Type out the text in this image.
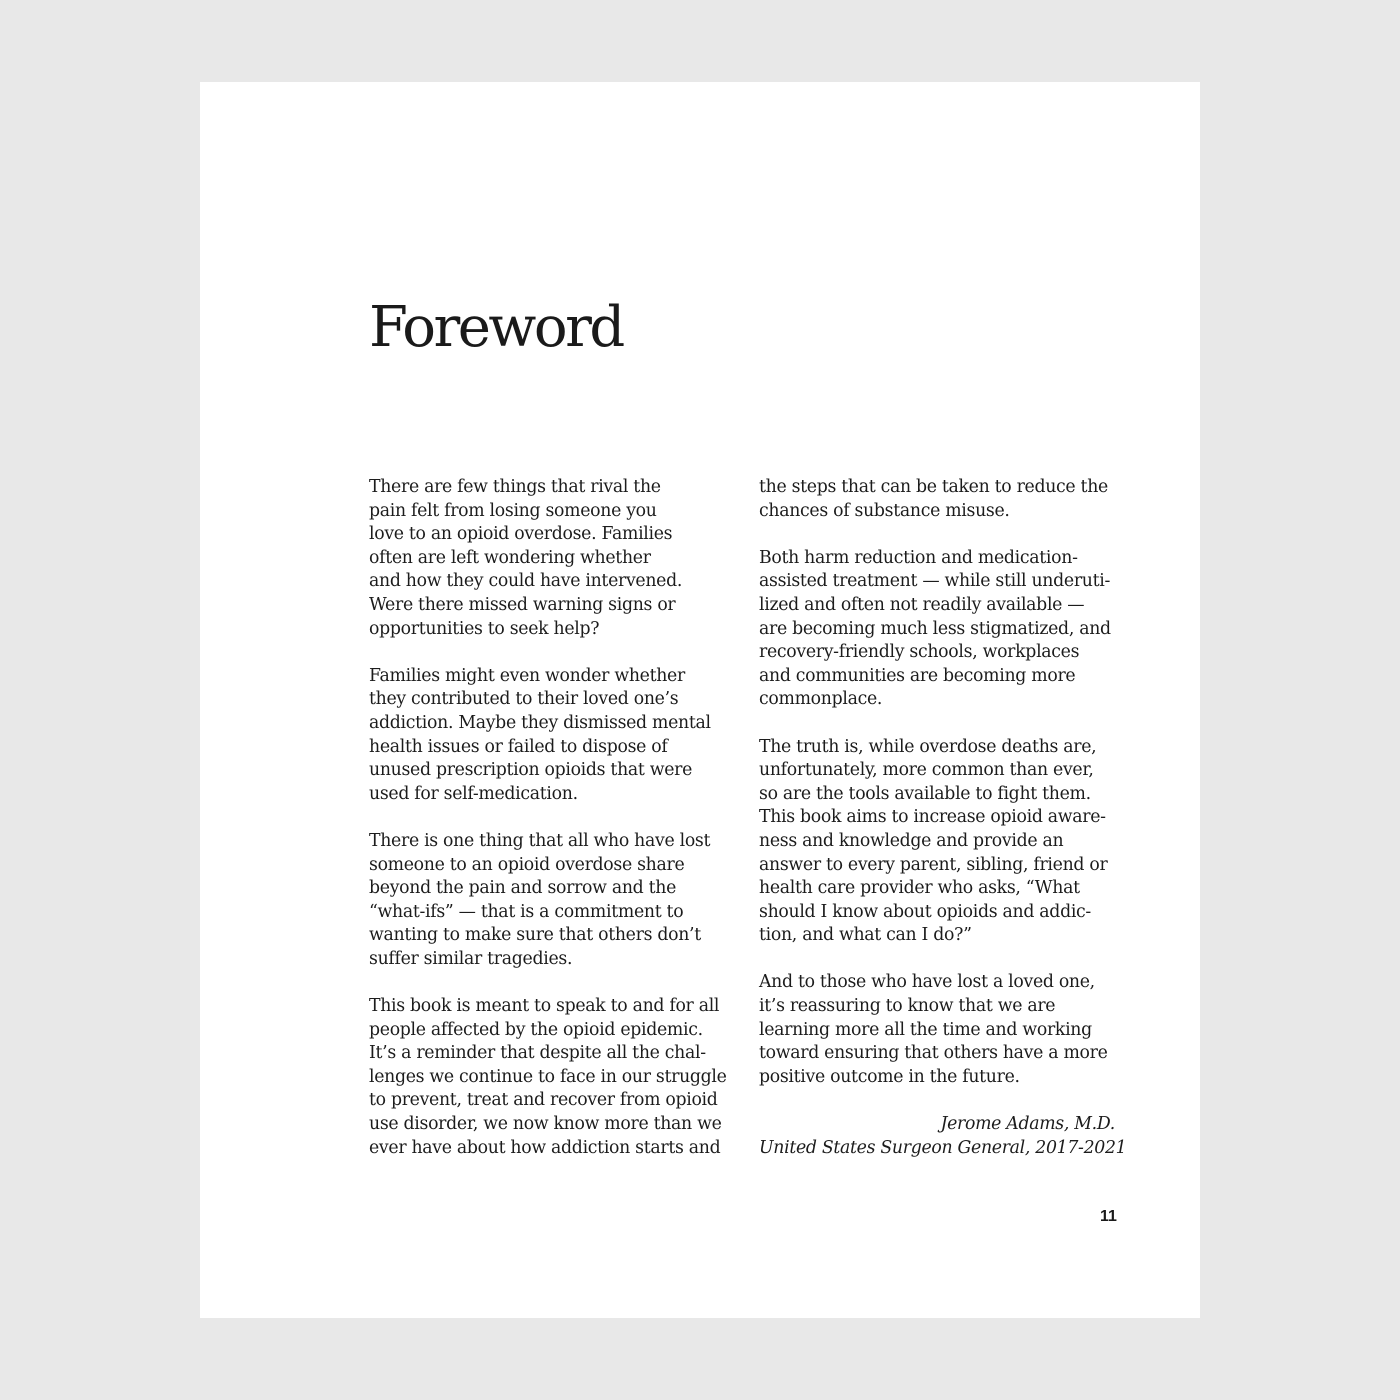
Foreword

There are few things that rival the
pain felt from losing someone you
love to an opioid overdose. Families
often are left wondering whether
and how they could have intervened.
Were there missed warning signs or
opportunities to seek help?

Families might even wonder whether
they contributed to their loved one’s
addiction. Maybe they dismissed mental
health issues or failed to dispose of
unused prescription opioids that were
used for self-medication.

There is one thing that all who have lost
someone to an opioid overdose share
beyond the pain and sorrow and the
“what-ifs” — that is a commitment to
wanting to make sure that others don’t
suffer similar tragedies.

This book is meant to speak to and for all
people affected by the opioid epidemic.
It’s a reminder that despite all the chal-
lenges we continue to face in our struggle
to prevent, treat and recover from opioid
use disorder, we now know more than we
ever have about how addiction starts and

the steps that can be taken to reduce the
chances of substance misuse.

Both harm reduction and medication-
assisted treatment — while still underuti-
lized and often not readily available —
are becoming much less stigmatized, and
recovery-friendly schools, workplaces
and communities are becoming more
commonplace.

The truth is, while overdose deaths are,
unfortunately, more common than ever,
so are the tools available to fight them.
This book aims to increase opioid aware-
ness and knowledge and provide an
answer to every parent, sibling, friend or
health care provider who asks, “What
should I know about opioids and addic-
tion, and what can I do?”

And to those who have lost a loved one,
it’s reassuring to know that we are
learning more all the time and working
toward ensuring that others have a more
positive outcome in the future.

Jerome Adams, M.D.
United States Surgeon General, 2017-2021

11
